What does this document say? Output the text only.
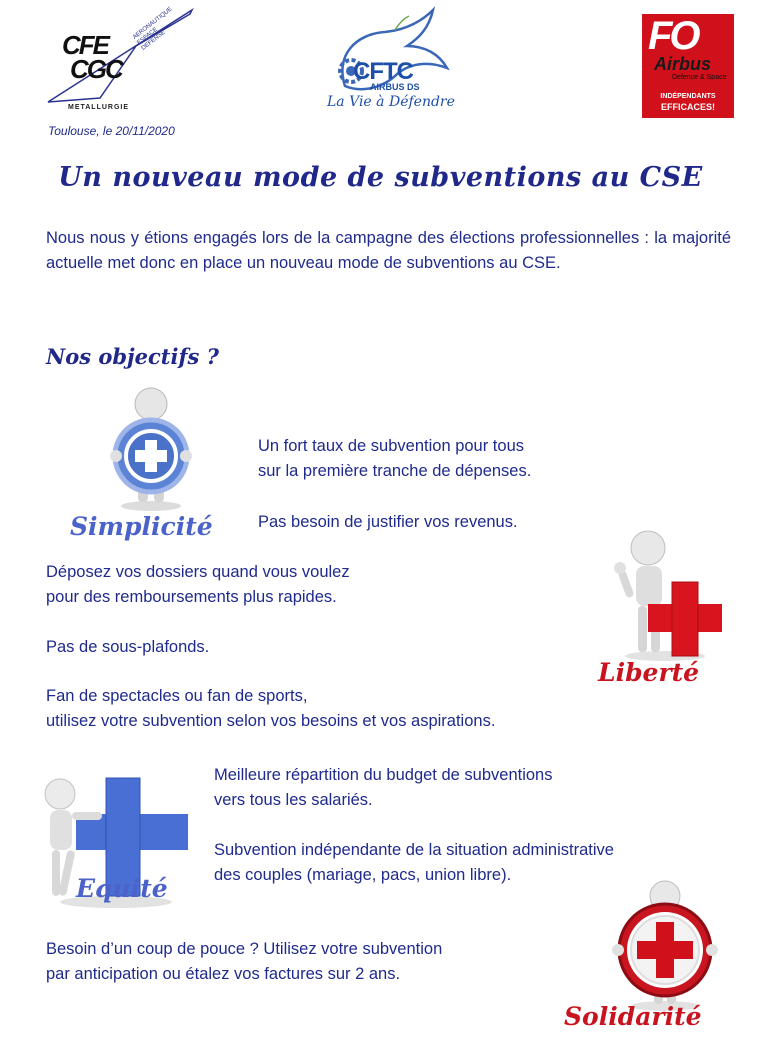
CFE
CGC
AERONAUTIQUE ESPACE DEFENSE
METALLURGIE
CFTC
AIRBUS DS
La Vie à Défendre
FO
Airbus
Defence & Space
INDÉPENDANTS
EFFICACES!
Toulouse, le 20/11/2020
Un nouveau mode de subventions au CSE

Nous nous y étions engagés lors de la campagne des élections professionnelles : la majorité actuelle met donc en place un nouveau mode de subventions au CSE.

Nos objectifs ?
Simplicité
Un fort taux de subvention pour tous
sur la première tranche de dépenses.
Pas besoin de justifier vos revenus.
Liberté
Déposez vos dossiers quand vous voulez
pour des remboursements plus rapides.
Pas de sous-plafonds.
Fan de spectacles ou fan de sports,
utilisez votre subvention selon vos besoins et vos aspirations.
Equité
Meilleure répartition du budget de subventions
vers tous les salariés.
Subvention indépendante de la situation administrative
des couples (mariage, pacs, union libre).
Solidarité
Besoin d’un coup de pouce ? Utilisez votre subvention
par anticipation ou étalez vos factures sur 2 ans.
